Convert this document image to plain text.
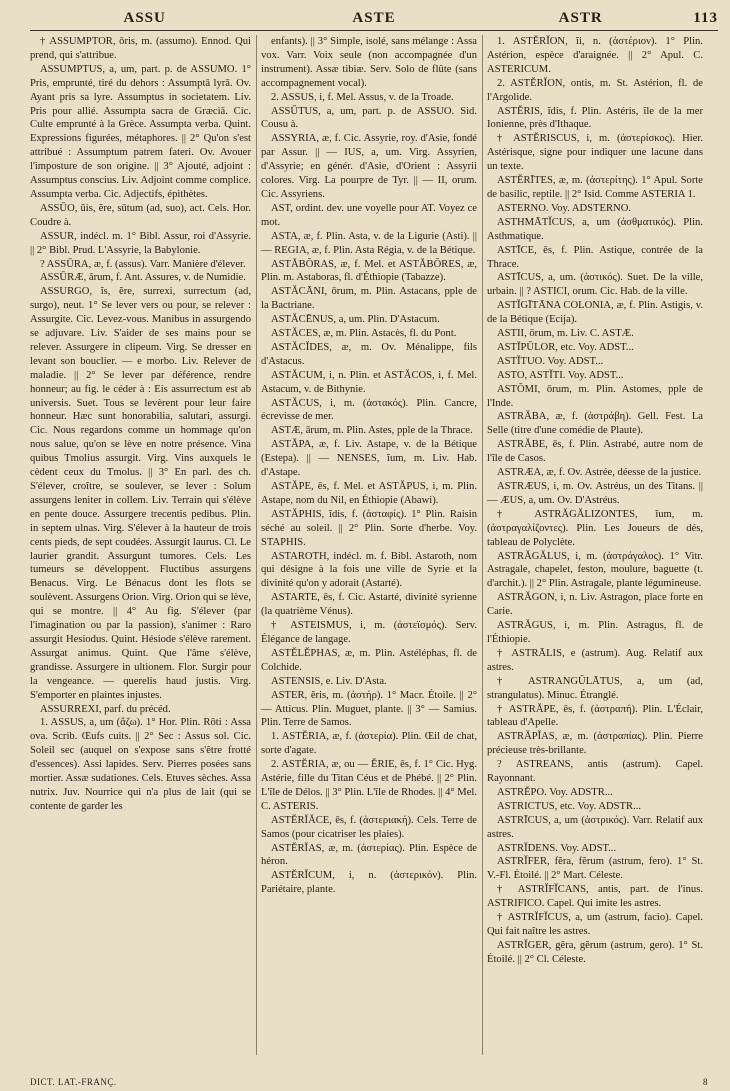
ASSU	ASTE	ASTR	113

† ASSUMPTOR, ōris, m. (assumo). Ennod. Qui prend, qui s'attribue.

ASSUMPTUS, a, um, part. p. de ASSUMO. 1° Pris, emprunté, tiré du dehors : Assumptā lyrā. Ov. Ayant pris sa lyre. Assumptus in societatem. Liv. Pris pour allié. Assumpta sacra de Græciā. Cic. Culte emprunté à la Grèce. Assumpta verba. Quint. Expressions figurées, métaphores. || 2° Qu'on s'est attribué : Assumptum patrem fateri. Ov. Avouer l'imposture de son origine. || 3° Ajouté, adjoint : Assumptus conscius. Liv. Adjoint comme complice. Assumpta verba. Cic. Adjectifs, épithètes.

ASSŪO, ŭis, ĕre, sūtum (ad, suo), act. Cels. Hor. Coudre à.

ASSUR, indécl. m. 1° Bibl. Assur, roi d'Assyrie. || 2° Bibl. Prud. L'Assyrie, la Babylonie.

? ASSŪRA, æ, f. (assus). Varr. Manière d'élever.

ASSŪRÆ, ārum, f. Ant. Assures, v. de Numidie.

ASSURGO, ĭs, ĕre, surrexi, surrectum (ad, surgo), neut. 1° Se lever vers ou pour, se relever : Assurgite. Cic. Levez-vous. Manibus in assurgendo se adjuvare. Liv. S'aider de ses mains pour se relever. Assurgere in clipeum. Virg. Se dresser en levant son bouclier. — e morbo. Liv. Relever de maladie. || 2° Se lever par déférence, rendre honneur; au fig. le céder à : Eis assurrectum est ab universis. Suet. Tous se levèrent pour leur faire honneur. Hæc sunt honorabilia, salutari, assurgi. Cic. Nous regardons comme un hommage qu'on nous salue, qu'on se lève en notre présence. Vina quibus Tmolius assurgit. Virg. Vins auxquels le cèdent ceux du Tmolus. || 3° En parl. des ch. S'élever, croître, se soulever, se lever : Solum assurgens leniter in collem. Liv. Terrain qui s'élève en pente douce. Assurgere trecentis pedibus. Plin. in septem ulnas. Virg. S'élever à la hauteur de trois cents pieds, de sept coudées. Assurgit laurus. Cl. Le laurier grandit. Assurgunt tumores. Cels. Les tumeurs se développent. Fluctibus assurgens Benacus. Virg. Le Bénacus dont les flots se soulèvent. Assurgens Orion. Virg. Orion qui se lève, qui se montre. || 4° Au fig. S'élever (par l'imagination ou par la passion), s'animer : Raro assurgit Hesiodus. Quint. Hésiode s'élève rarement. Assurgat animus. Quint. Que l'âme s'élève, grandisse. Assurgere in ultionem. Flor. Surgir pour la vengeance. — querelis haud justis. Virg. S'emporter en plaintes injustes.

ASSURREXI, parf. du précéd.

1. ASSUS, a, um (ἄζω). 1° Hor. Plin. Rôti : Assa ova. Scrib. Œufs cuits. || 2° Sec : Assus sol. Cic. Soleil sec (auquel on s'expose sans s'être frotté d'essences). Assi lapides. Serv. Pierres posées sans mortier. Assæ sudationes. Cels. Etuves sèches. Assa nutrix. Juv. Nourrice qui n'a plus de lait (qui se contente de garder les

enfants). || 3° Simple, isolé, sans mélange : Assa vox. Varr. Voix seule (non accompagnée d'un instrument). Assæ tibiæ. Serv. Solo de flûte (sans accompagnement vocal).

2. ASSUS, i, f. Mel. Assus, v. de la Troade.

ASSŪTUS, a, um, part. p. de ASSUO. Sid. Cousu à.

ASSYRIA, æ, f. Cic. Assyrie, roy. d'Asie, fondé par Assur. || — IUS, a, um. Virg. Assyrien, d'Assyrie; en génér. d'Asie, d'Orient : Assyrii colores. Virg. La pourpre de Tyr. || — II, orum. Cic. Assyriens.

AST, ordint. dev. une voyelle pour AT. Voyez ce mot.

ASTA, æ, f. Plin. Asta, v. de la Ligurie (Asti). || — REGIA, æ, f. Plin. Asta Régia, v. de la Bétique.

ASTĂBŎRAS, æ, f. Mel. et ASTĂBŎRES, æ, Plin. m. Astaboras, fl. d'Éthiopie (Tabazze).

ASTĂCĀNI, ōrum, m. Plin. Astacans, pple de la Bactriane.

ASTĂCĒNUS, a, um. Plin. D'Astacum.

ASTĂCES, æ, m. Plin. Astacès, fl. du Pont.

ASTĂCĬDES, æ, m. Ov. Ménalippe, fils d'Astacus.

ASTĂCUM, i, n. Plin. et ASTĂCOS, i, f. Mel. Astacum, v. de Bithynie.

ASTĂCUS, i, m. (ἀστακός). Plin. Cancre, écrevisse de mer.

ASTÆ, ārum, m. Plin. Astes, pple de la Thrace.

ASTĂPA, æ, f. Liv. Astape, v. de la Bétique (Estepa). || — NENSES, ĭum, m. Liv. Hab. d'Astape.

ASTĂPE, ēs, f. Mel. et ASTĂPUS, i, m. Plin. Astape, nom du Nil, en Éthiopie (Abawi).

ASTĂPHIS, ĭdis, f. (ἀσταφίς). 1° Plin. Raisin séché au soleil. || 2° Plin. Sorte d'herbe. Voy. STAPHIS.

ASTAROTH, indécl. m. f. Bibl. Astaroth, nom qui désigne à la fois une ville de Syrie et la divinité qu'on y adorait (Astarté).

ASTARTE, ēs, f. Cic. Astarté, divinité syrienne (la quatrième Vénus).

† ASTEISMUS, i, m. (ἀστεϊσμός). Serv. Élégance de langage.

ASTĔLĔPHAS, æ, m. Plin. Astéléphas, fl. de Colchide.

ASTENSIS, e. Liv. D'Asta.

ASTER, ĕris, m. (ἀστήρ). 1° Macr. Étoile. || 2° — Atticus. Plin. Muguet, plante. || 3° — Samius. Plin. Terre de Samos.

1. ASTĔRIA, æ, f. (ἀστερία). Plin. Œil de chat, sorte d'agate.

2. ASTĔRIA, æ, ou — ĔRIE, ēs, f. 1° Cic. Hyg. Astérie, fille du Titan Céus et de Phébé. || 2° Plin. L'île de Délos. || 3° Plin. L'île de Rhodes. || 4° Mel. C. ASTERIS.

ASTĔRĬĂCE, ēs, f. (ἀστεριακή). Cels. Terre de Samos (pour cicatriser les plaies).

ASTĔRĬAS, æ, m. (ἀστερίας). Plin. Espèce de héron.

ASTĔRĬCUM, i, n. (ἀστερικόν). Plin. Pariétaire, plante.

1. ASTĔRĬON, ĭi, n. (ἀστέριον). 1° Plin. Astérion, espèce d'araignée. || 2° Apul. C. ASTERICUM.

2. ASTĔRĬON, ontis, m. St. Astérion, fl. de l'Argolide.

ASTĔRIS, ĭdis, f. Plin. Astéris, île de la mer Ionienne, près d'Ithaque.

† ASTĔRISCUS, i, m. (ἀστερίσκος). Hier. Astérisque, signe pour indiquer une lacune dans un texte.

ASTĔRĪTES, æ, m. (ἀστερίτης). 1° Apul. Sorte de basilic, reptile. || 2° Isid. Comme ASTERIA 1.

ASTERNO. Voy. ADSTERNO.

ASTHMĀTĬCUS, a, um (ἀσθματικός). Plin. Asthmatique.

ASTĪCE, ēs, f. Plin. Astique, contrée de la Thrace.

ASTĪCUS, a, um. (ἀστικός). Suet. De la ville, urbain. || ? ASTICI, orum. Cic. Hab. de la ville.

ASTĬGĪTĀNA COLONIA, æ, f. Plin. Astigis, v. de la Bétique (Ecija).

ASTII, ōrum, m. Liv. C. ASTÆ.

ASTĬPŬLOR, etc. Voy. ADST...

ASTĬTUO. Voy. ADST...

ASTO, ASTĬTI. Voy. ADST...

ASTŎMI, ōrum, m. Plin. Astomes, pple de l'Inde.

ASTRĂBA, æ, f. (ἀστράβη). Gell. Fest. La Selle (titre d'une comédie de Plaute).

ASTRĂBE, ēs, f. Plin. Astrabé, autre nom de l'île de Casos.

ASTRÆA, æ, f. Ov. Astrée, déesse de la justice.

ASTRÆUS, i, m. Ov. Astréus, un des Titans. || — ÆUS, a, um. Ov. D'Astréus.

† ASTRĂGĂLIZONTES, ĭum, m. (ἀστραγαλίζοντες). Plin. Les Joueurs de dés, tableau de Polyclète.

ASTRĂGĂLUS, i, m. (ἀστράγαλος). 1° Vitr. Astragale, chapelet, feston, moulure, baguette (t. d'archit.). || 2° Plin. Astragale, plante légumineuse.

ASTRĂGON, i, n. Liv. Astragon, place forte en Carie.

ASTRĂGUS, i, m. Plin. Astragus, fl. de l'Éthiopie.

† ASTRĀLIS, e (astrum). Aug. Relatif aux astres.

† ASTRANGŬLĀTUS, a, um (ad, strangulatus). Minuc. Étranglé.

† ASTRĂPE, ēs, f. (ἀστραπή). Plin. L'Éclair, tableau d'Apelle.

ASTRĂPĬAS, æ, m. (ἀστραπίας). Plin. Pierre précieuse très-brillante.

? ASTREANS, antis (astrum). Capel. Rayonnant.

ASTRĔPO. Voy. ADSTR...

ASTRICTUS, etc. Voy. ADSTR...

ASTRĪCUS, a, um (ἀστρικός). Varr. Relatif aux astres.

ASTRĬDENS. Voy. ADST...

ASTRĬFER, fĕra, fĕrum (astrum, fero). 1° St. V.-Fl. Étoilé. || 2° Mart. Céleste.

† ASTRĬFĬCANS, antis, part. de l'inus. ASTRIFICO. Capel. Qui imite les astres.

† ASTRĬFĬCUS, a, um (astrum, facio). Capel. Qui fait naître les astres.

ASTRĬGER, gĕra, gĕrum (astrum, gero). 1° St. Étoilé. || 2° Cl. Céleste.

DICT. LAT.-FRANÇ.	8
